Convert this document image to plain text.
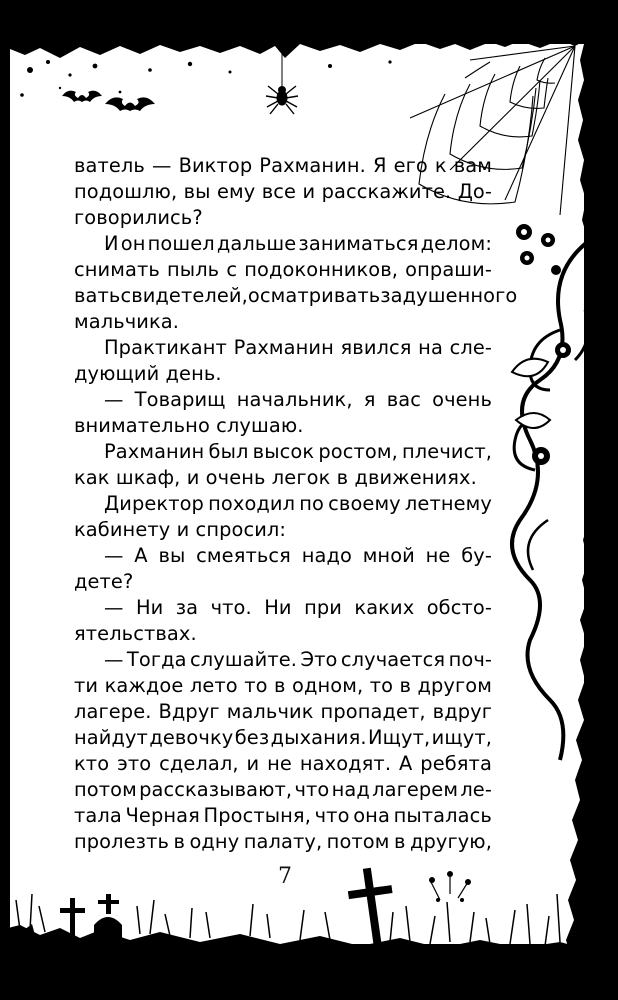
ватель — Виктор Рахманин. Я его к вам
подошлю, вы ему все и расскажите. До-
говорились?
И он пошел дальше заниматься делом:
снимать пыль с подоконников, опраши-
вать свидетелей, осматривать задушенного
мальчика.
Практикант Рахманин явился на сле-
дующий день.
— Товарищ начальник, я вас очень
внимательно слушаю.
Рахманин был высок ростом, плечист,
как шкаф, и очень легок в движениях.
Директор походил по своему летнему
кабинету и спросил:
— А вы смеяться надо мной не бу-
дете?
— Ни за что. Ни при каких обсто-
ятельствах.
— Тогда слушайте. Это случается поч-
ти каждое лето то в одном, то в другом
лагере. Вдруг мальчик пропадет, вдруг
найдут девочку без дыхания. Ищут, ищут,
кто это сделал, и не находят. А ребята
потом рассказывают, что над лагерем ле-
тала Черная Простыня, что она пыталась
пролезть в одну палату, потом в другую,
7
